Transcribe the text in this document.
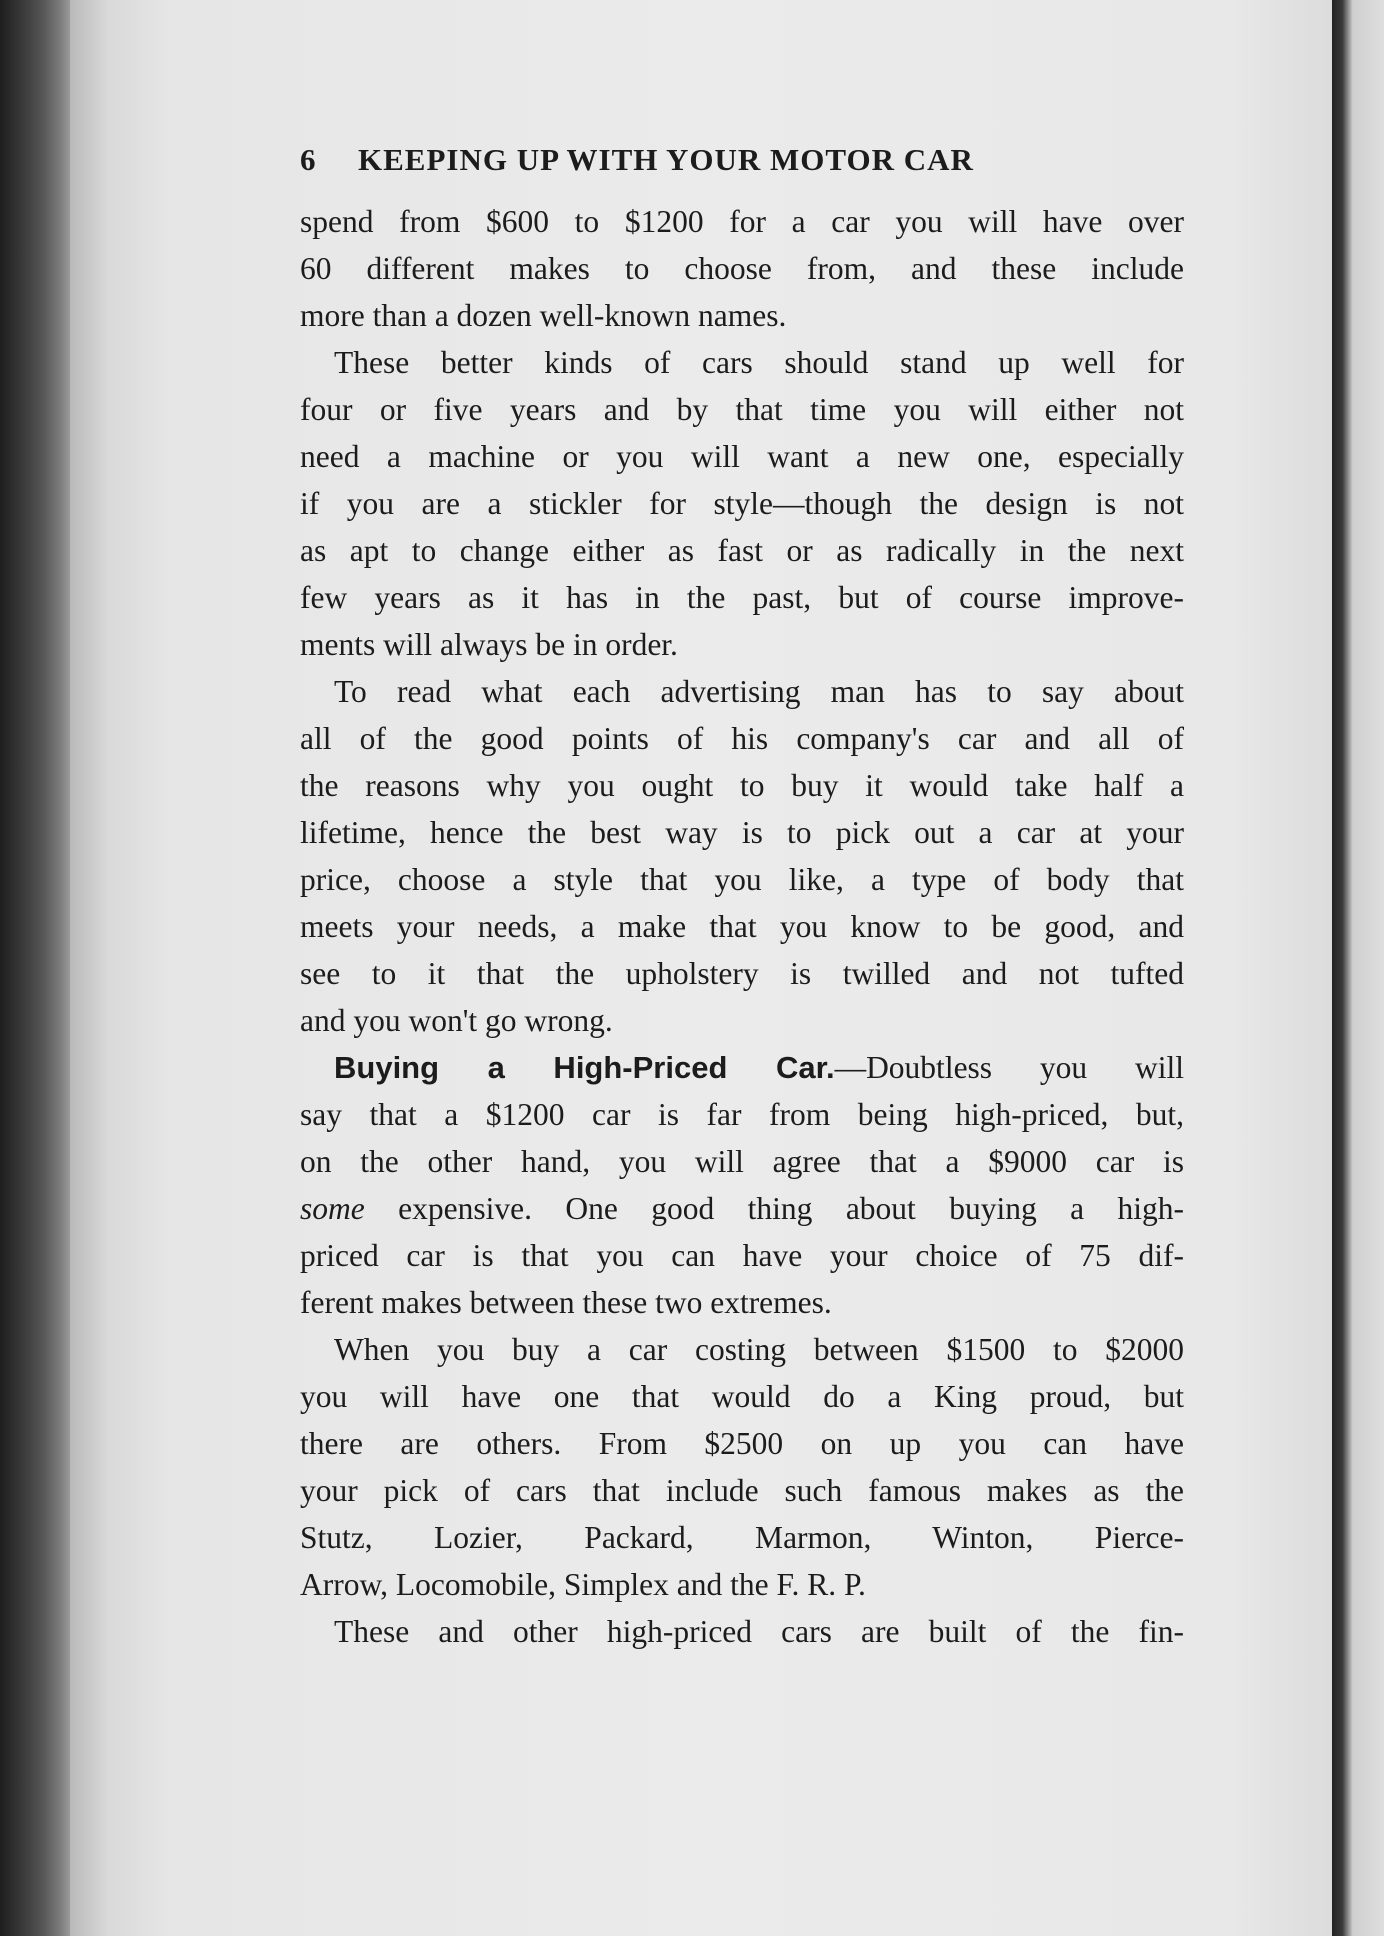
6	KEEPING UP WITH YOUR MOTOR CAR

spend from $600 to $1200 for a car you will have over
60 different makes to choose from, and these include
more than a dozen well-known names.

These better kinds of cars should stand up well for
four or five years and by that time you will either not
need a machine or you will want a new one, especially
if you are a stickler for style—though the design is not
as apt to change either as fast or as radically in the next
few years as it has in the past, but of course improve-
ments will always be in order.

To read what each advertising man has to say about
all of the good points of his company's car and all of
the reasons why you ought to buy it would take half a
lifetime, hence the best way is to pick out a car at your
price, choose a style that you like, a type of body that
meets your needs, a make that you know to be good, and
see to it that the upholstery is twilled and not tufted
and you won't go wrong.

Buying a High-Priced Car.—Doubtless you will
say that a $1200 car is far from being high-priced, but,
on the other hand, you will agree that a $9000 car is
some expensive. One good thing about buying a high-
priced car is that you can have your choice of 75 dif-
ferent makes between these two extremes.

When you buy a car costing between $1500 to $2000
you will have one that would do a King proud, but
there are others. From $2500 on up you can have
your pick of cars that include such famous makes as the
Stutz, Lozier, Packard, Marmon, Winton, Pierce-
Arrow, Locomobile, Simplex and the F. R. P.

These and other high-priced cars are built of the fin-
